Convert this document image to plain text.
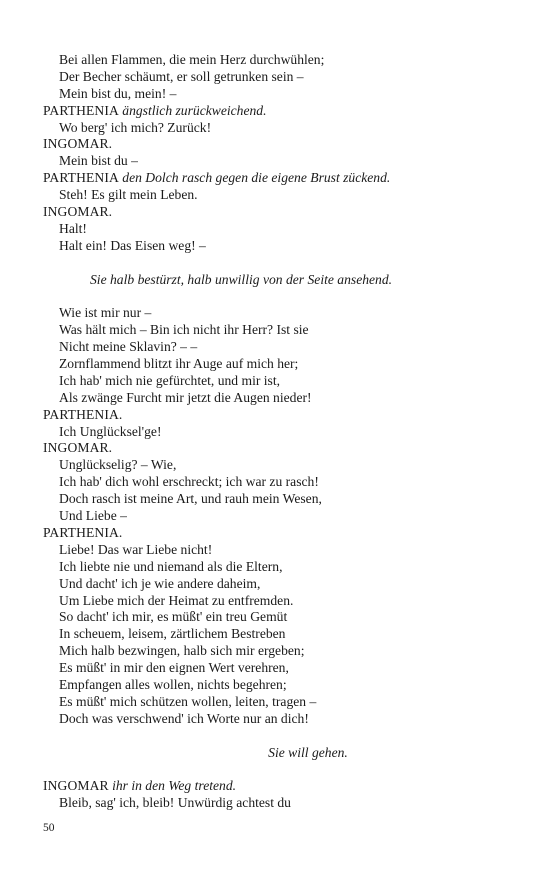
Bei allen Flammen, die mein Herz durchwühlen;
Der Becher schäumt, er soll getrunken sein –
Mein bist du, mein! –
PARTHENIA ängstlich zurückweichend.
Wo berg' ich mich? Zurück!
INGOMAR.
Mein bist du –
PARTHENIA den Dolch rasch gegen die eigene Brust zückend.
Steh! Es gilt mein Leben.
INGOMAR.
Halt!
Halt ein! Das Eisen weg! –
Sie halb bestürzt, halb unwillig von der Seite ansehend.
Wie ist mir nur –
Was hält mich – Bin ich nicht ihr Herr? Ist sie
Nicht meine Sklavin? – –
Zornflammend blitzt ihr Auge auf mich her;
Ich hab' mich nie gefürchtet, und mir ist,
Als zwänge Furcht mir jetzt die Augen nieder!
PARTHENIA.
Ich Unglücksel'ge!
INGOMAR.
Unglückselig? – Wie,
Ich hab' dich wohl erschreckt; ich war zu rasch!
Doch rasch ist meine Art, und rauh mein Wesen,
Und Liebe –
PARTHENIA.
Liebe! Das war Liebe nicht!
Ich liebte nie und niemand als die Eltern,
Und dacht' ich je wie andere daheim,
Um Liebe mich der Heimat zu entfremden.
So dacht' ich mir, es müßt' ein treu Gemüt
In scheuem, leisem, zärtlichem Bestreben
Mich halb bezwingen, halb sich mir ergeben;
Es müßt' in mir den eignen Wert verehren,
Empfangen alles wollen, nichts begehren;
Es müßt' mich schützen wollen, leiten, tragen –
Doch was verschwend' ich Worte nur an dich!
Sie will gehen.
INGOMAR ihr in den Weg tretend.
Bleib, sag' ich, bleib! Unwürdig achtest du
50
